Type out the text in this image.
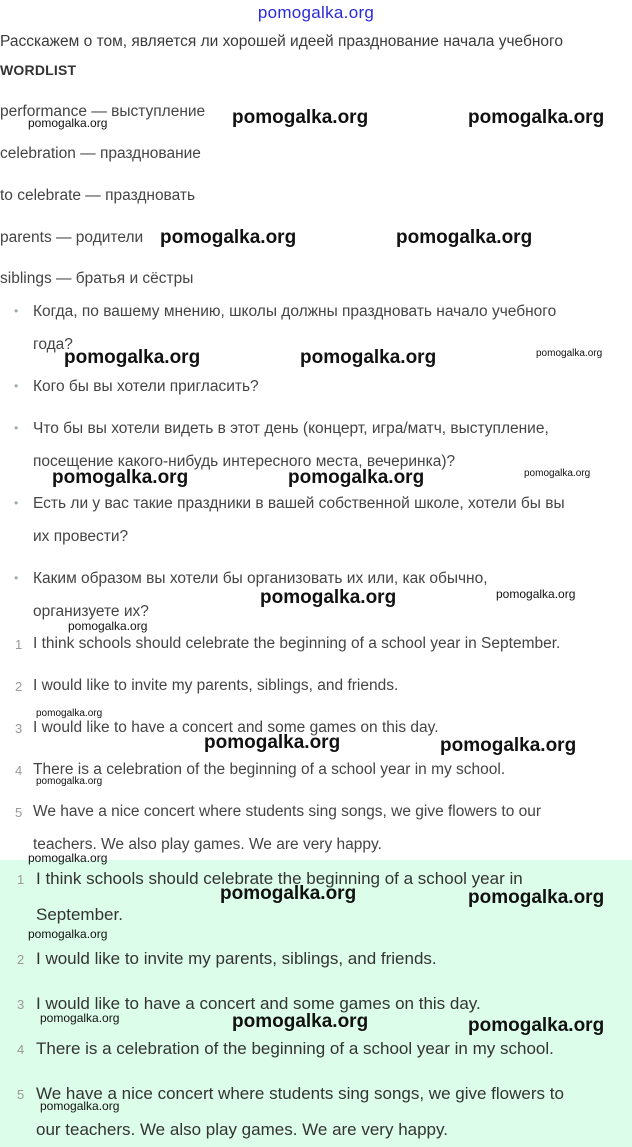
pomogalka.org
Расскажем о том, является ли хорошей идеей празднование начала учебного
WORDLIST
performance — выступление
celebration — празднование
to celebrate — праздновать
parents — родители
siblings — братья и сёстры
• Когда, по вашему мнению, школы должны праздновать начало учебного
года?
• Кого бы вы хотели пригласить?
• Что бы вы хотели видеть в этот день (концерт, игра/матч, выступление,
посещение какого-нибудь интересного места, вечеринка)?
• Есть ли у вас такие праздники в вашей собственной школе, хотели бы вы
их провести?
• Каким образом вы хотели бы организовать их или, как обычно,
организуете их?
1 I think schools should celebrate the beginning of a school year in September.
2 I would like to invite my parents, siblings, and friends.
3 I would like to have a concert and some games on this day.
4 There is a celebration of the beginning of a school year in my school.
5 We have a nice concert where students sing songs, we give flowers to our
teachers. We also play games. We are very happy.
1 I think schools should celebrate the beginning of a school year in
September.
2 I would like to invite my parents, siblings, and friends.
3 I would like to have a concert and some games on this day.
4 There is a celebration of the beginning of a school year in my school.
5 We have a nice concert where students sing songs, we give flowers to
our teachers. We also play games. We are very happy.
pomogalka.org	pomogalka.org	pomogalka.org
pomogalka.org	pomogalka.org
pomogalka.org	pomogalka.org	pomogalka.org
pomogalka.org	pomogalka.org	pomogalka.org
pomogalka.org	pomogalka.org
pomogalka.org
pomogalka.org
pomogalka.org	pomogalka.org
pomogalka.org
pomogalka.org
pomogalka.org	pomogalka.org
pomogalka.org
pomogalka.org	pomogalka.org	pomogalka.org
pomogalka.org
